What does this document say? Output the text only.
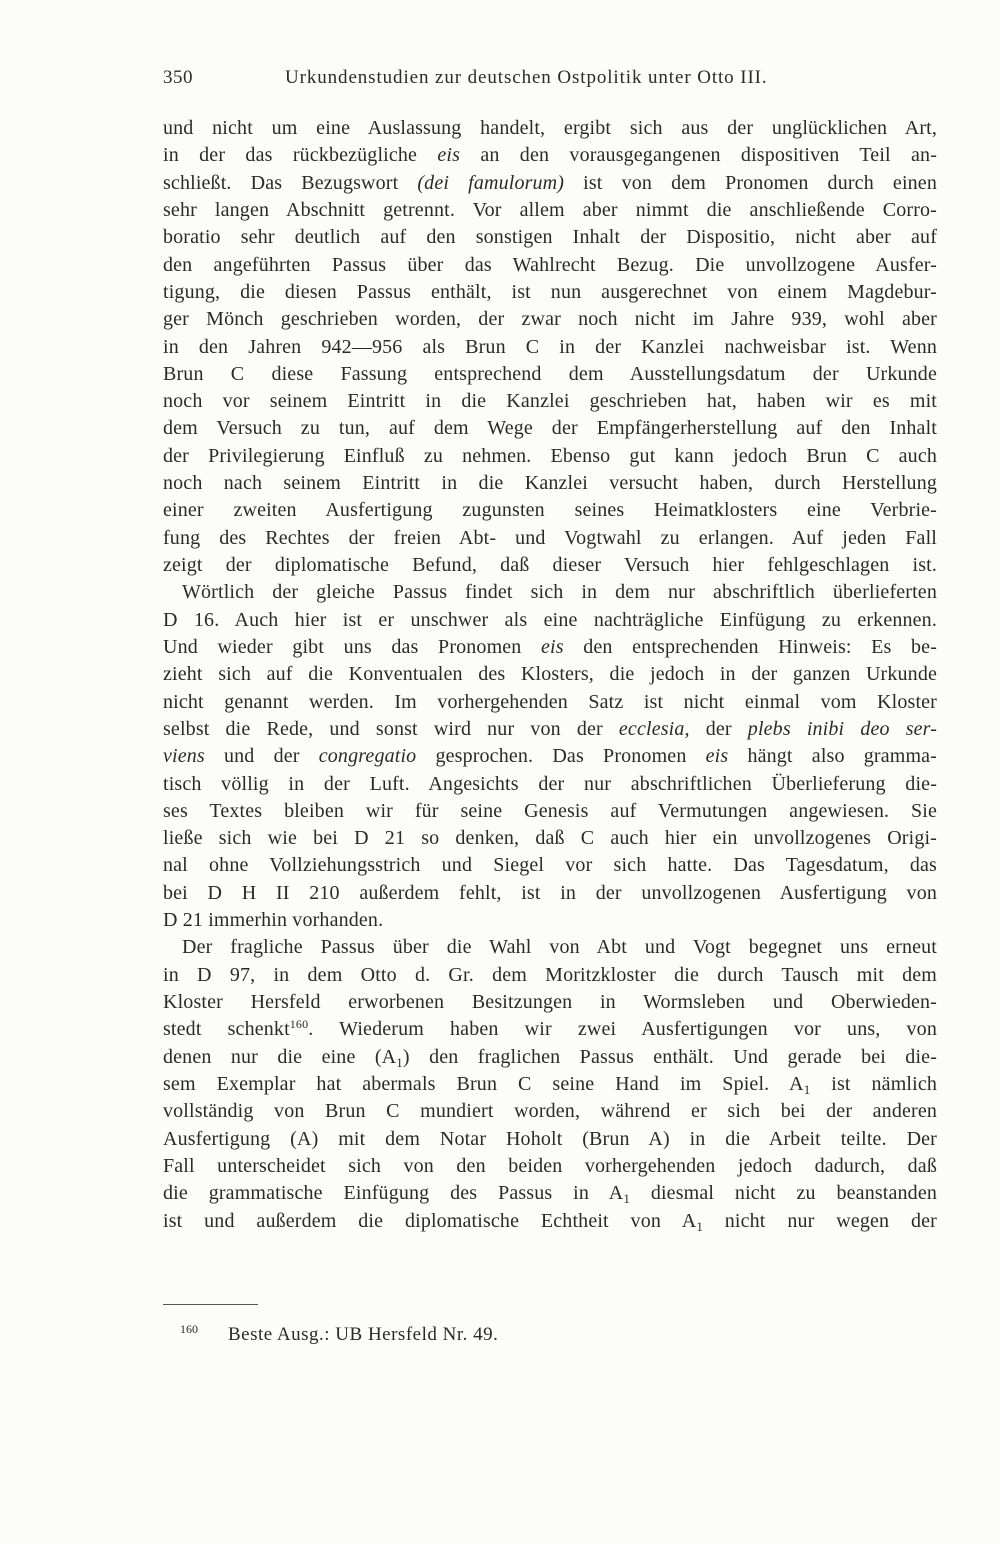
350	Urkundenstudien zur deutschen Ostpolitik unter Otto III.
und nicht um eine Auslassung handelt, ergibt sich aus der unglücklichen Art,
in der das rückbezügliche eis an den vorausgegangenen dispositiven Teil an-
schließt. Das Bezugswort (dei famulorum) ist von dem Pronomen durch einen
sehr langen Abschnitt getrennt. Vor allem aber nimmt die anschließende Corro-
boratio sehr deutlich auf den sonstigen Inhalt der Dispositio, nicht aber auf
den angeführten Passus über das Wahlrecht Bezug. Die unvollzogene Ausfer-
tigung, die diesen Passus enthält, ist nun ausgerechnet von einem Magdebur-
ger Mönch geschrieben worden, der zwar noch nicht im Jahre 939, wohl aber
in den Jahren 942—956 als Brun C in der Kanzlei nachweisbar ist. Wenn
Brun C diese Fassung entsprechend dem Ausstellungsdatum der Urkunde
noch vor seinem Eintritt in die Kanzlei geschrieben hat, haben wir es mit
dem Versuch zu tun, auf dem Wege der Empfängerherstellung auf den Inhalt
der Privilegierung Einfluß zu nehmen. Ebenso gut kann jedoch Brun C auch
noch nach seinem Eintritt in die Kanzlei versucht haben, durch Herstellung
einer zweiten Ausfertigung zugunsten seines Heimatklosters eine Verbrie-
fung des Rechtes der freien Abt- und Vogtwahl zu erlangen. Auf jeden Fall
zeigt der diplomatische Befund, daß dieser Versuch hier fehlgeschlagen ist.
Wörtlich der gleiche Passus findet sich in dem nur abschriftlich überlieferten
D 16. Auch hier ist er unschwer als eine nachträgliche Einfügung zu erkennen.
Und wieder gibt uns das Pronomen eis den entsprechenden Hinweis: Es be-
zieht sich auf die Konventualen des Klosters, die jedoch in der ganzen Urkunde
nicht genannt werden. Im vorhergehenden Satz ist nicht einmal vom Kloster
selbst die Rede, und sonst wird nur von der ecclesia, der plebs inibi deo ser-
viens und der congregatio gesprochen. Das Pronomen eis hängt also gramma-
tisch völlig in der Luft. Angesichts der nur abschriftlichen Überlieferung die-
ses Textes bleiben wir für seine Genesis auf Vermutungen angewiesen. Sie
ließe sich wie bei D 21 so denken, daß C auch hier ein unvollzogenes Origi-
nal ohne Vollziehungsstrich und Siegel vor sich hatte. Das Tagesdatum, das
bei D H II 210 außerdem fehlt, ist in der unvollzogenen Ausfertigung von
D 21 immerhin vorhanden.
Der fragliche Passus über die Wahl von Abt und Vogt begegnet uns erneut
in D 97, in dem Otto d. Gr. dem Moritzkloster die durch Tausch mit dem
Kloster Hersfeld erworbenen Besitzungen in Wormsleben und Oberwieden-
stedt schenkt$^{160}$. Wiederum haben wir zwei Ausfertigungen vor uns, von
denen nur die eine $(A_1)$ den fraglichen Passus enthält. Und gerade bei die-
sem Exemplar hat abermals Brun C seine Hand im Spiel. $A_1$ ist nämlich
vollständig von Brun C mundiert worden, während er sich bei der anderen
Ausfertigung (A) mit dem Notar Hoholt (Brun A) in die Arbeit teilte. Der
Fall unterscheidet sich von den beiden vorhergehenden jedoch dadurch, daß
die grammatische Einfügung des Passus in $A_1$ diesmal nicht zu beanstanden
ist und außerdem die diplomatische Echtheit von $A_1$ nicht nur wegen der
160 Beste Ausg.: UB Hersfeld Nr. 49.
